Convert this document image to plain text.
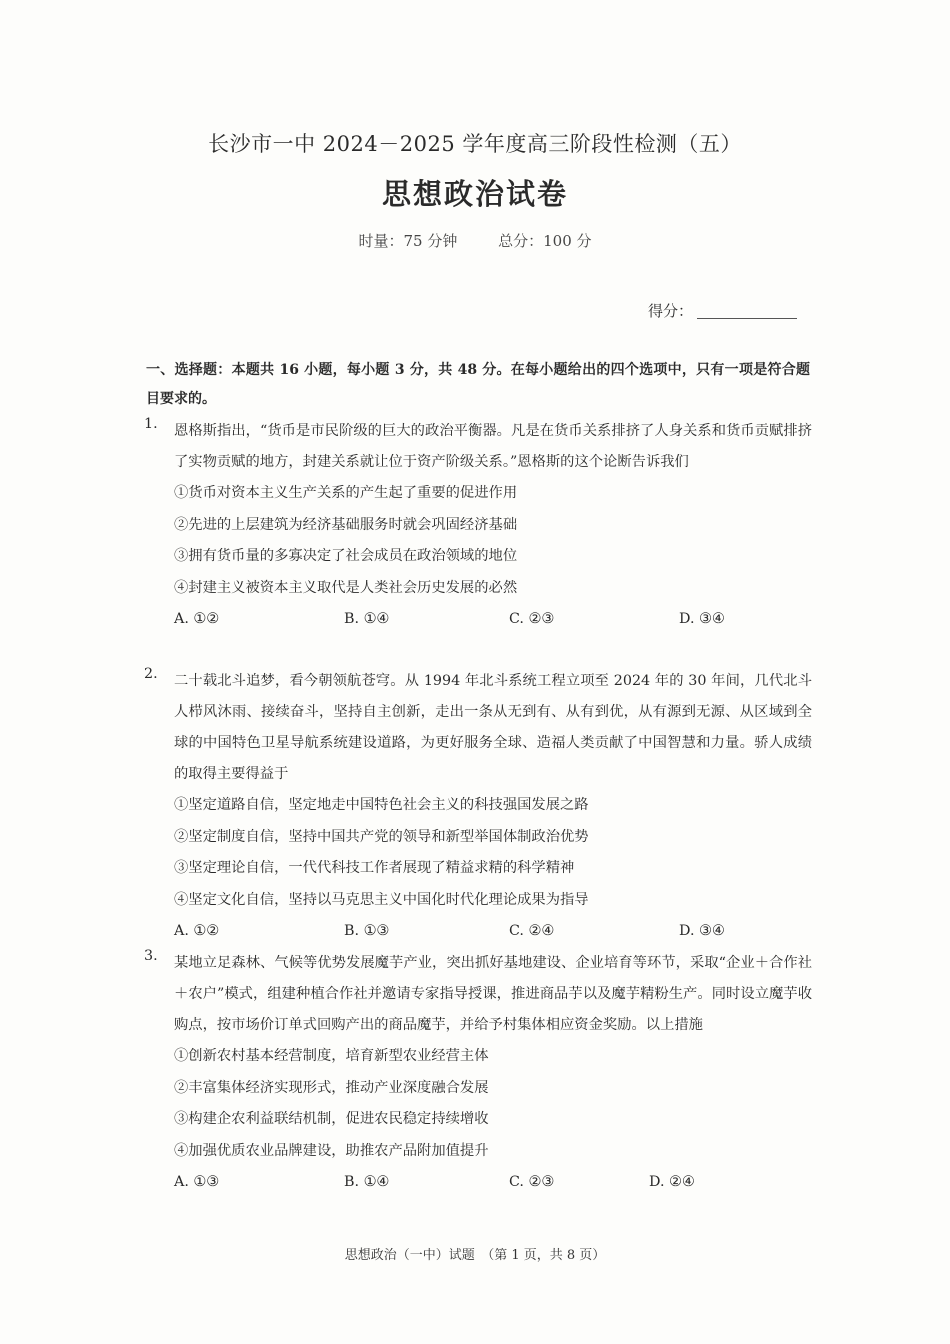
长沙市一中 2024－2025 学年度高三阶段性检测（五）
思想政治试卷
时量：75 分钟	总分：100 分
得分：
一、选择题：本题共 16 小题，每小题 3 分，共 48 分。在每小题给出的四个选项中，只有一项是符合题目要求的。
1. 恩格斯指出，“货币是市民阶级的巨大的政治平衡器。凡是在货币关系排挤了人身关系和货币贡赋排挤了实物贡赋的地方，封建关系就让位于资产阶级关系。”恩格斯的这个论断告诉我们
①货币对资本主义生产关系的产生起了重要的促进作用
②先进的上层建筑为经济基础服务时就会巩固经济基础
③拥有货币量的多寡决定了社会成员在政治领域的地位
④封建主义被资本主义取代是人类社会历史发展的必然
A. ①②	B. ①④	C. ②③	D. ③④
2. 二十载北斗追梦，看今朝领航苍穹。从 1994 年北斗系统工程立项至 2024 年的 30 年间，几代北斗人栉风沐雨、接续奋斗，坚持自主创新，走出一条从无到有、从有到优，从有源到无源、从区域到全球的中国特色卫星导航系统建设道路，为更好服务全球、造福人类贡献了中国智慧和力量。骄人成绩的取得主要得益于
①坚定道路自信，坚定地走中国特色社会主义的科技强国发展之路
②坚定制度自信，坚持中国共产党的领导和新型举国体制政治优势
③坚定理论自信，一代代科技工作者展现了精益求精的科学精神
④坚定文化自信，坚持以马克思主义中国化时代化理论成果为指导
A. ①②	B. ①③	C. ②④	D. ③④
3. 某地立足森林、气候等优势发展魔芋产业，突出抓好基地建设、企业培育等环节，采取“企业＋合作社＋农户”模式，组建种植合作社并邀请专家指导授课，推进商品芋以及魔芋精粉生产。同时设立魔芋收购点，按市场价订单式回购产出的商品魔芋，并给予村集体相应资金奖励。以上措施
①创新农村基本经营制度，培育新型农业经营主体
②丰富集体经济实现形式，推动产业深度融合发展
③构建企农利益联结机制，促进农民稳定持续增收
④加强优质农业品牌建设，助推农产品附加值提升
A. ①③	B. ①④	C. ②③	D. ②④
思想政治（一中）试题　（第 1 页，共 8 页）
